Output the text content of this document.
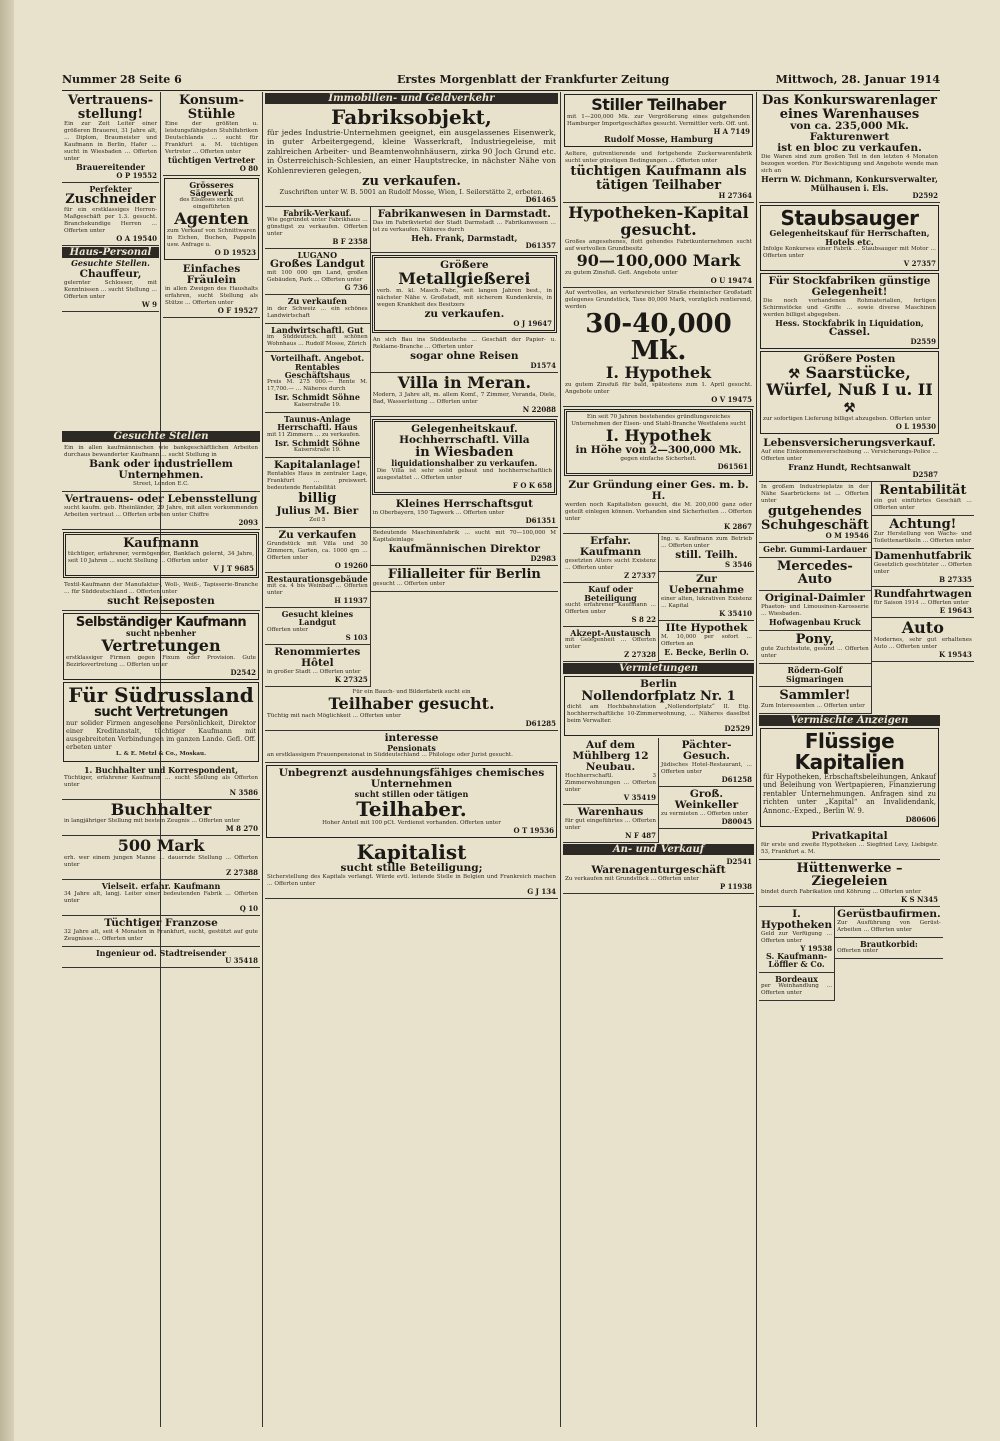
Nummer 28 Seite 6	Erstes Morgenblatt der Frankfurter Zeitung	Mittwoch, 28. Januar 1914
Vertrauens-stellung!
Ein zur Zeit Leiter einer größeren Brauerei, 31 Jahre alt, … Diplom, Braumeister und Kaufmann in Berlin, Hafer … sucht in Wiesbaden … Offerten unter
Brauereitender
O P 19552
Perfekter
Zuschneider
für ein erstklassiges Herren-Maßgeschäft per 1.3. gesucht. Branchekundige Herren … Offerten unter
O A 19540
Haus-Personal
Gesuchte Stellen.
Chauffeur,
gelernter Schlosser, mit Kenntnissen … sucht Stellung … Offerten unter
W 9
Gesuchte Stellen
Ein in allen kaufmännischen wie bankgeschäftlichen Arbeiten durchaus bewanderter Kaufmann … sucht Stellung in
Bank oder industriellem Unternehmen.
Street, London E.C.
Vertrauens- oder Lebensstellung
sucht kaufm. geb. Rheinländer, 29 Jahre, mit allen vorkommenden Arbeiten vertraut … Offerten erbeten unter Chiffre
2093
Kaufmann
tüchtiger, erfahrener, vermögender, Bankfach gelernt, 34 Jahre, seit 10 Jahren … sucht Stellung … Offerten unter
V J T 9685
Textil-Kaufmann der Manufaktur-, Woll-, Weiß-, Tapisserie-Branche … für Süddeutschland … Offerten unter
sucht Reiseposten
Selbständiger Kaufmann
sucht nebenher
Vertretungen
erstklassiger Firmen gegen Fixum oder Provision. Gute Bezirksvertretung … Offerten unter
D2542
Für Südrussland
sucht Vertretungen
nur solider Firmen angesehene Persönlichkeit, Direktor einer Kreditanstalt, tüchtiger Kaufmann mit ausgebreiteten Verbindungen im ganzen Lande. Gefl. Off. erbeten unter
L. & E. Metzl & Co., Moskau.
1. Buchhalter und Korrespondent,
Tüchtiger, erfahrener Kaufmann … sucht Stellung als Offerten unter
N 3586
Buchhalter
in langjähriger Stellung mit bestem Zeugnis … Offerten unter
M 8 270
500 Mark
erh. wer einem jungen Manne … dauernde Stellung … Offerten unter
Z 27388
Vielseit. erfahr. Kaufmann
34 Jahre alt, langj. Leiter einer bedeutenden Fabrik … Offerten unter
Q 10
Tüchtiger Franzose
32 Jahre alt, seit 4 Monaten in Frankfurt, sucht, gestützt auf gute Zeugnisse … Offerten unter
Ingenieur od. Stadtreisender
U 35418
Konsum-Stühle
Eine der größten u. leistungsfähigsten Stuhlfabriken Deutschlands … sucht für Frankfurt a. M. tüchtigen Vertreter … Offerten unter
tüchtigen Vertreter
O 80
Grösseres Sägewerk
des Elsasses sucht gut eingeführten
Agenten
zum Verkauf von Schnittwaren in Eichen, Buchen, Pappeln usw. Anfrage u.
O D 19523
Einfaches Fräulein
in allen Zweigen des Haushalts erfahren, sucht Stellung als Stütze … Offerten unter
O F 19527
Immobilien- und Geldverkehr
Fabriksobjekt,
für jedes Industrie-Unternehmen geeignet, ein ausgelassenes Eisenwerk, in guter Arbeitergegend, kleine Wasserkraft, Industriegeleise, mit zahlreichen Arbeiter- und Beamtenwohnhäusern, zirka 90 Joch Grund etc. in Österreichisch-Schlesien, an einer Hauptstrecke, in nächster Nähe von Kohlenrevieren gelegen,
zu verkaufen.
Zuschriften unter W. B. 5001 an Rudolf Mosse, Wien, I. Seilerstätte 2, erbeten.
D61465
Fabrik-Verkauf.
Wie gegründet unter Fabrikhaus … günstigst zu verkaufen. Offerten unter
B F 2358
LUGANO
Großes Landgut
mit 100 000 qm Land, großen Gebäuden, Park … Offerten unter
G 736
Zu verkaufen
in der Schweiz … ein schönes Landwirtschaft
Landwirtschaftl. Gut
im Süddeutsch. mit schönen Wohnhaus … Rudolf Mosse, Zürich
Vorteilhaft. Angebot.
Rentables Geschäftshaus
Preis M. 275 000.— Rente M. 17,700.— … Näheres durch
Isr. Schmidt Söhne
Kaiserstraße 19.
Taunus-Anlage Herrschaftl. Haus
mit 11 Zimmern … zu verkaufen.
Isr. Schmidt Söhne
Kaiserstraße 19.
Kapitalanlage!
Rentables Haus in zentraler Lage, Frankfurt … preiswert. bedeutende Rentabilität
billig
Julius M. Bier
Zeil 5
Zu verkaufen
Grundstück mit Villa und 30 Zimmern, Garten, ca. 1000 qm … Offerten unter
O 19260
Restaurationsgebäude
mit ca. 4 bis Weinbau … Offerten unter
H 11937
Gesucht kleines Landgut
Offerten unter
S 103
Renommiertes Hôtel
in großer Stadt … Offerten unter
K 27325
Fabrikanwesen in Darmstadt.
Das im Fabrikviertel der Stadt Darmstadt … Fabrikanwesen … ist zu verkaufen. Näheres durch
Heh. Frank, Darmstadt,
D61357
Größere
Metallgießerei
verb. m. kl. Masch.-Fabr., seit langen Jahren best., in nächster Nähe v. Großstadt, mit sicherem Kundenkreis, in wegen Krankheit des Besitzers
zu verkaufen.
O J 19647
An sich Bau ins Süddeutsche … Geschäft der Papier- u. Reklame-Branche … Offerten unter
sogar ohne Reisen
D1574
Villa in Meran.
Modern, 3 Jahre alt, m. allem Komf., 7 Zimmer, Veranda, Diele, Bad, Wasserleitung … Offerten unter
N 22088
Gelegenheitskauf. Hochherrschaftl. Villa
in Wiesbaden
liquidationshalber zu verkaufen.
Die Villa ist sehr solid gebaut und hochherrschaftlich ausgestattet … Offerten unter
F O K 658
Kleines Herrschaftsgut
in Oberbayern, 150 Tagwerk … Offerten unter
D61351
Bedeutende Maschinenfabrik … sucht mit 70—100,000 M Kapitaleinlage
kaufmännischen Direktor
D2983
Filialleiter für Berlin
gesucht … Offerten unter
Für ein Bauch- und Bilderfabrik sucht ein
Teilhaber gesucht.
Tüchtig mit nach Möglichkeit … Offerten unter
D61285
interesse
Pensionats
an erstklassigem Frauenpensionat in Süddeutschland … Philologe oder Jurist gesucht.
Unbegrenzt ausdehnungsfähiges chemisches Unternehmen
sucht stillen oder tätigen
Teilhaber.
Hoher Anteil mit 100 pCt. Verdienst vorhanden. Offerten unter
O T 19536
Kapitalist
sucht stille Beteiligung;
Sicherstellung des Kapitals verlangt. Würde evtl. leitende Stelle in Belgien und Frankreich machen … Offerten unter
G J 134
Stiller Teilhaber
mit 1—200,000 Mk. zur Vergrößerung eines gutgehenden Hamburger Importgeschäftes gesucht. Vermittler verb. Off. unt.
H A 7149
Rudolf Mosse, Hamburg
Aeltere, gutrentierende und fortgehende Zuckerwarenfabrik sucht unter günstigen Bedingungen … Offerten unter
tüchtigen Kaufmann als tätigen Teilhaber
H 27364
Hypotheken-Kapital gesucht.
Großes angesehenes, flott gehendes Fabrikunternehmen sucht auf wertvollen Grundbesitz
90—100,000 Mark
zu gutem Zinsfuß. Gefl. Angebote unter
O U 19474
Auf wertvolles, an verkehrsreicher Straße rheinischer Großstadt gelegenes Grundstück, Taxe 80,000 Mark, vorzüglich rentierend, werden
30-40,000 Mk.
I. Hypothek
zu gutem Zinsfuß für bald, spätestens zum 1. April gesucht. Angebote unter
O V 19475
Ein seit 70 Jahren bestehendes gründlungsreiches Unternehmen der Eisen- und Stahl-Branche Westfalens sucht
I. Hypothek
in Höhe von 2—300,000 Mk.
gegen einfache Sicherheit.
D61561
Zur Gründung einer Ges. m. b. H.
werden noch Kapitalisten gesucht, die M. 200,000 ganz oder geteilt einlegen können. Vorhanden sind Sicherheiten … Offerten unter
K 2867
Erfahr. Kaufmann
gesetzten Alters sucht Existenz … Offerten unter
Z 27337
Kauf oder Beteiligung
sucht erfahrener Kaufmann … Offerten unter
S 8 22
Akzept-Austausch
mit Gelegenheit … Offerten unter
Z 27328
Ing. u. Kaufmann zum Betrieb … Offerten unter
still. Teilh.
S 3546
Zur Uebernahme
einer alten, lukrativen Existenz … Kapital
K 35410
IIte Hypothek
M. 10,000 per sofort … Offerten an
E. Becke, Berlin O.
Vermietungen
Berlin
Nollendorfplatz Nr. 1
dicht am Hochbahnstation „Nollendorfplatz“ II. Etg. hochherrschaftliche 10-Zimmerwohnung, … Näheres daselbst beim Verwalter.
D2529
Auf dem Mühlberg 12
Neubau.
Hochherrschaftl. 3 Zimmerwohnungen … Offerten unter
V 35419
Warenhaus
für gut eingeführtes … Offerten unter
N F 487
Pächter-Gesuch.
Jüdisches Hotel-Restaurant, … Offerten unter
D61258
Groß. Weinkeller
zu vermieten … Offerten unter
D80045
An- und Verkauf
D2541
Warenagenturgeschäft
Zu verkaufen mit Grundstück … Offerten unter
P 11938
Das Konkurswarenlager eines Warenhauses
von ca. 235,000 Mk. Fakturenwert
ist en bloc zu verkaufen.
Die Waren sind zum großen Teil in den letzten 4 Monaten bezogen worden. Für Besichtigung und Angebote wende man sich an
Herrn W. Dichmann, Konkursverwalter, Mülhausen i. Els.
D2592
Staubsauger
Gelegenheitskauf für Herrschaften, Hotels etc.
Infolge Konkurses einer Fabrik … Staubsauger mit Motor … Offerten unter
V 27357
Für Stockfabriken günstige Gelegenheit!
Die noch vorhandenen Rohmaterialien, fertigen Schirmstöcke und -Griffe … sowie diverse Maschinen werden billigst abgegeben.
Hess. Stockfabrik in Liquidation,
Cassel.
D2559
Größere Posten
⚒ Saarstücke, Würfel, Nuß I u. II ⚒
zur sofortigen Lieferung billigst abzugeben. Offerten unter
O L 19530
Lebensversicherungsverkauf.
Auf eine Einkommensverschiebung … Versicherungs-Police … Offerten unter
Franz Hundt, Rechtsanwalt
D2587
In großem Industrieplatze in der Nähe Saarbrückens ist … Offerten unter
gutgehendes Schuhgeschäft
O M 19546
Gebr. Gummi-Lardauer
Mercedes-Auto
Original-Daimler
Phaeton- und Limousinen-Karosserie … Wiesbaden.
Hofwagenbau Kruck
Pony,
gute Zuchtsstute, gesund … Offerten unter
Rödern-Golf Sigmaringen
Sammler!
Zum Interessenten … Offerten unter
Rentabilität
ein gut einführtes Geschäft … Offerten unter
Achtung!
Zur Herstellung von Wachs- und Toilettenartikeln … Offerten unter
Damenhutfabrik
Gesetzlich geschützter … Offerten unter
B 27335
Rundfahrtwagen
für Saison 1914 … Offerten unter
E 19643
Auto
Modernes, sehr gut erhaltenes Auto … Offerten unter
K 19543
Vermischte Anzeigen
Flüssige Kapitalien
für Hypotheken, Erbschaftsbeleihungen, Ankauf und Beleihung von Wertpapieren, Finanzierung rentabler Unternehmungen. Anfragen sind zu richten unter „Kapital“ an Invalidendank, Annonc.-Exped., Berlin W. 9.
D80606
Privatkapital
für erste und zweite Hypotheken … Siegfried Levy, Liebigstr. 53, Frankfurt a. M.
Hüttenwerke – Ziegeleien
bindet durch Fabrikation und Köhrung … Offerten unter
K S N345
I. Hypotheken
Geld zur Verfügung … Offerten unter
Y 19538
S. Kaufmann-Löffler & Co.
Bordeaux
per Weinhandlung … Offerten unter
Gerüstbaufirmen.
Zur Ausführung von Gerüst-Arbeiten … Offerten unter
Brautkorbid:
Offerten unter
